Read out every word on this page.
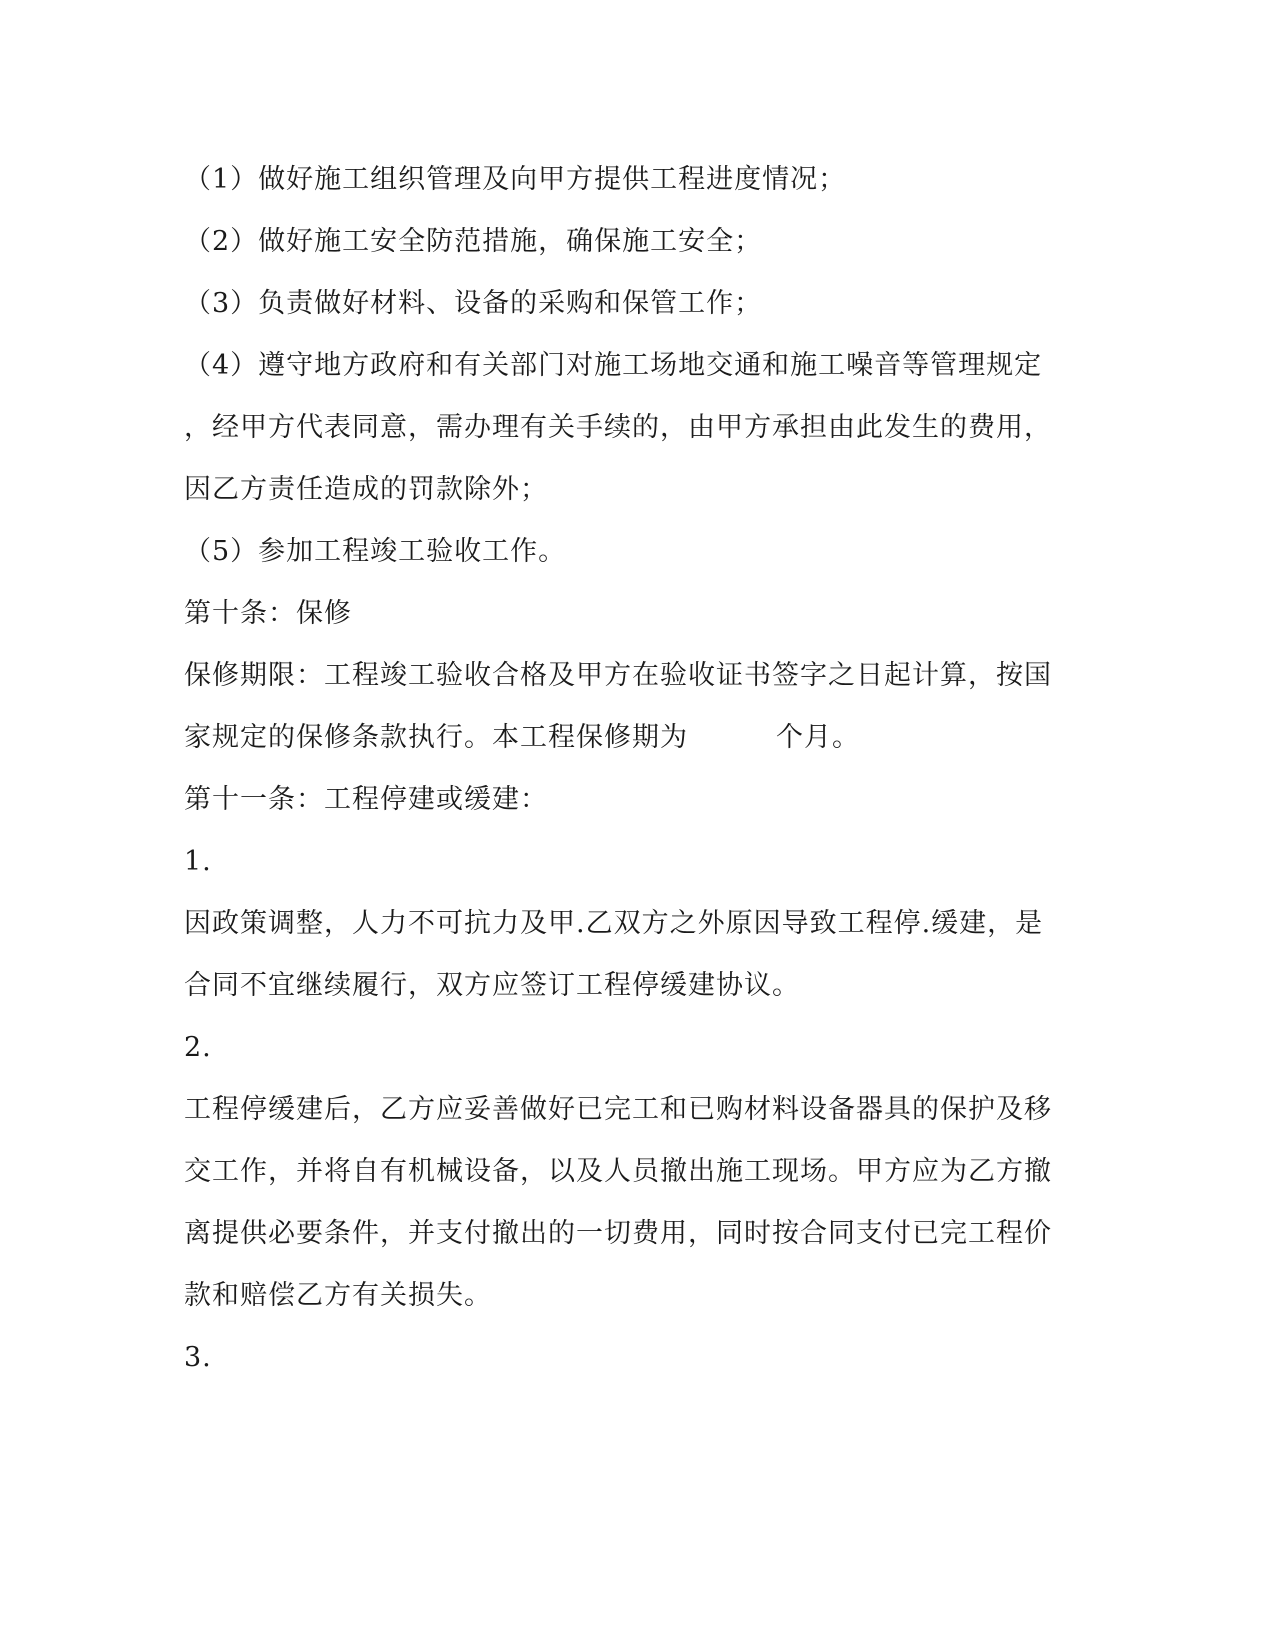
（1）做好施工组织管理及向甲方提供工程进度情况；
（2）做好施工安全防范措施，确保施工安全；
（3）负责做好材料、设备的采购和保管工作；
（4）遵守地方政府和有关部门对施工场地交通和施工噪音等管理规定
，经甲方代表同意，需办理有关手续的，由甲方承担由此发生的费用，
因乙方责任造成的罚款除外；
（5）参加工程竣工验收工作。
第十条：保修
保修期限：工程竣工验收合格及甲方在验收证书签字之日起计算，按国
家规定的保修条款执行。本工程保修期为	个月。
第十一条：工程停建或缓建：
1.
因政策调整，人力不可抗力及甲.乙双方之外原因导致工程停.缓建，是
合同不宜继续履行，双方应签订工程停缓建协议。
2.
工程停缓建后，乙方应妥善做好已完工和已购材料设备器具的保护及移
交工作，并将自有机械设备，以及人员撤出施工现场。甲方应为乙方撤
离提供必要条件，并支付撤出的一切费用，同时按合同支付已完工程价
款和赔偿乙方有关损失。
3.
